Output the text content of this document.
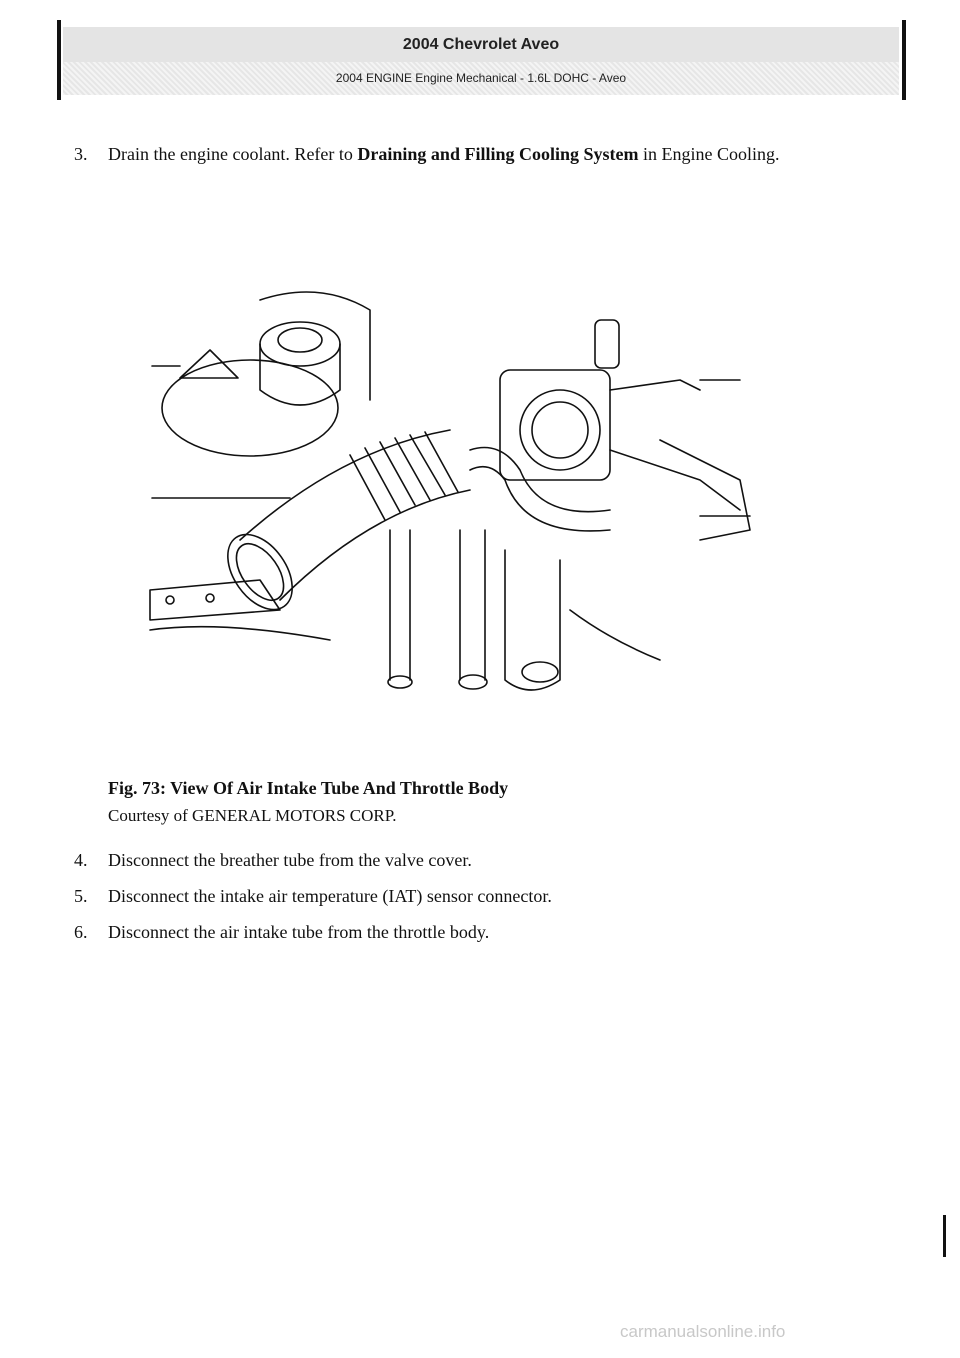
2004 Chevrolet Aveo
2004 ENGINE Engine Mechanical - 1.6L DOHC - Aveo
3.	Drain the engine coolant. Refer to Draining and Filling Cooling System in Engine Cooling.
Fig. 73: View Of Air Intake Tube And Throttle Body
Courtesy of GENERAL MOTORS CORP.
4.	Disconnect the breather tube from the valve cover.
5.	Disconnect the intake air temperature (IAT) sensor connector.
6.	Disconnect the air intake tube from the throttle body.
carmanualsonline.info
